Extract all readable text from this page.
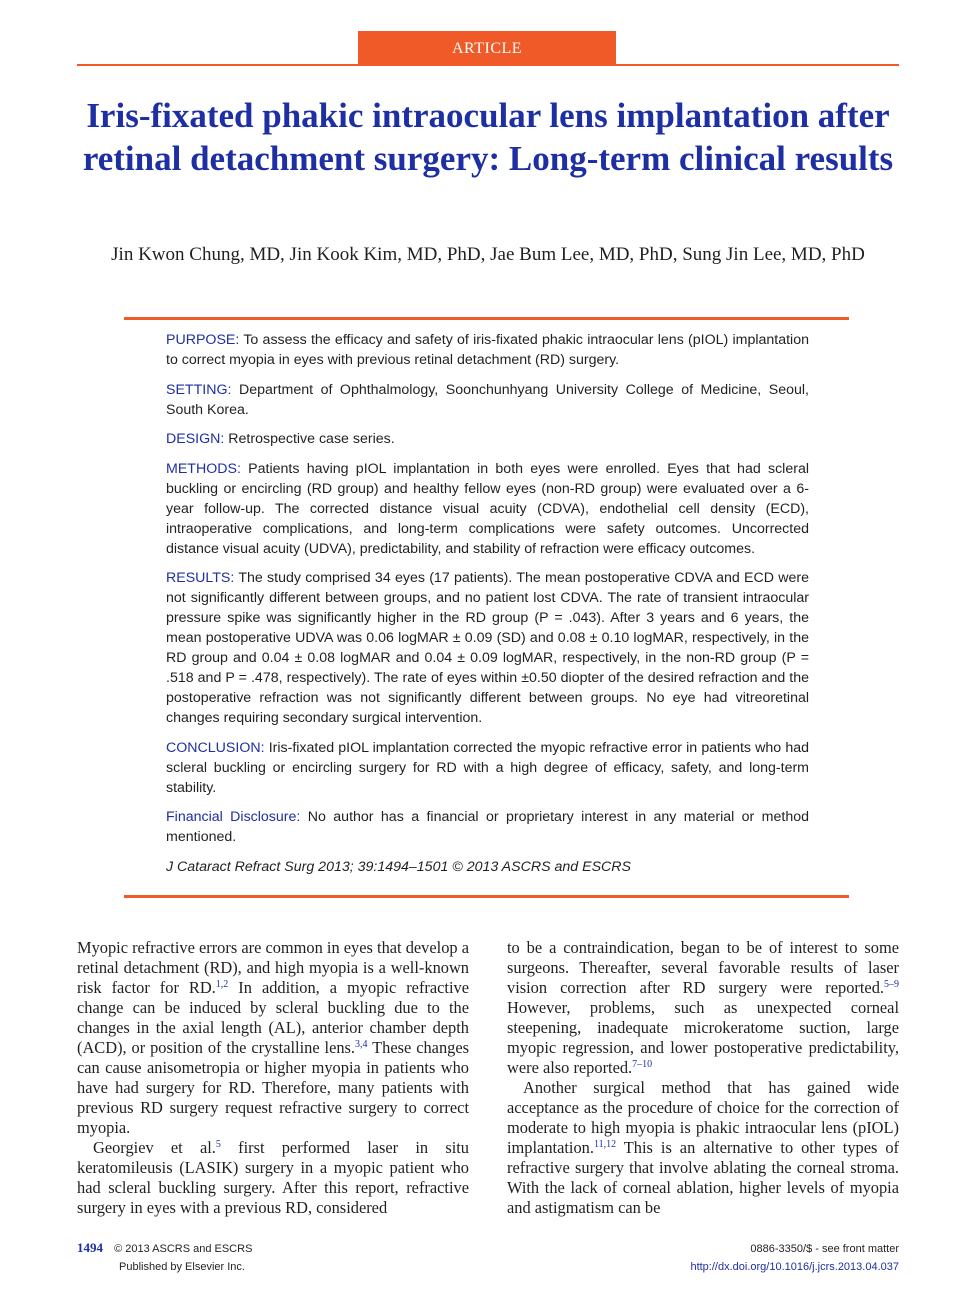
ARTICLE
Iris-fixated phakic intraocular lens implantation after retinal detachment surgery: Long-term clinical results
Jin Kwon Chung, MD, Jin Kook Kim, MD, PhD, Jae Bum Lee, MD, PhD, Sung Jin Lee, MD, PhD

PURPOSE: To assess the efficacy and safety of iris-fixated phakic intraocular lens (pIOL) implantation to correct myopia in eyes with previous retinal detachment (RD) surgery.

SETTING: Department of Ophthalmology, Soonchunhyang University College of Medicine, Seoul, South Korea.

DESIGN: Retrospective case series.

METHODS: Patients having pIOL implantation in both eyes were enrolled. Eyes that had scleral buckling or encircling (RD group) and healthy fellow eyes (non-RD group) were evaluated over a 6-year follow-up. The corrected distance visual acuity (CDVA), endothelial cell density (ECD), intraoperative complications, and long-term complications were safety outcomes. Uncorrected distance visual acuity (UDVA), predictability, and stability of refraction were efficacy outcomes.

RESULTS: The study comprised 34 eyes (17 patients). The mean postoperative CDVA and ECD were not significantly different between groups, and no patient lost CDVA. The rate of transient intraocular pressure spike was significantly higher in the RD group (P = .043). After 3 years and 6 years, the mean postoperative UDVA was 0.06 logMAR ± 0.09 (SD) and 0.08 ± 0.10 logMAR, respectively, in the RD group and 0.04 ± 0.08 logMAR and 0.04 ± 0.09 logMAR, respectively, in the non-RD group (P = .518 and P = .478, respectively). The rate of eyes within ±0.50 diopter of the desired refraction and the postoperative refraction was not significantly different between groups. No eye had vitreoretinal changes requiring secondary surgical intervention.

CONCLUSION: Iris-fixated pIOL implantation corrected the myopic refractive error in patients who had scleral buckling or encircling surgery for RD with a high degree of efficacy, safety, and long-term stability.

Financial Disclosure: No author has a financial or proprietary interest in any material or method mentioned.

J Cataract Refract Surg 2013; 39:1494–1501 © 2013 ASCRS and ESCRS

Myopic refractive errors are common in eyes that develop a retinal detachment (RD), and high myopia is a well-known risk factor for RD.$^{1,2}$ In addition, a myopic refractive change can be induced by scleral buckling due to the changes in the axial length (AL), anterior chamber depth (ACD), or position of the crystalline lens.$^{3,4}$ These changes can cause anisometropia or higher myopia in patients who have had surgery for RD. Therefore, many patients with previous RD surgery request refractive surgery to correct myopia.

Georgiev et al.$^5$ first performed laser in situ keratomileusis (LASIK) surgery in a myopic patient who had scleral buckling surgery. After this report, refractive surgery in eyes with a previous RD, considered

to be a contraindication, began to be of interest to some surgeons. Thereafter, several favorable results of laser vision correction after RD surgery were reported.$^{5-9}$ However, problems, such as unexpected corneal steepening, inadequate microkeratome suction, large myopic regression, and lower postoperative predictability, were also reported.$^{7-10}$

Another surgical method that has gained wide acceptance as the procedure of choice for the correction of moderate to high myopia is phakic intraocular lens (pIOL) implantation.$^{11,12}$ This is an alternative to other types of refractive surgery that involve ablating the corneal stroma. With the lack of corneal ablation, higher levels of myopia and astigmatism can be

1494 © 2013 ASCRS and ESCRS
Published by Elsevier Inc.
0886-3350/$ - see front matter
http://dx.doi.org/10.1016/j.jcrs.2013.04.037
